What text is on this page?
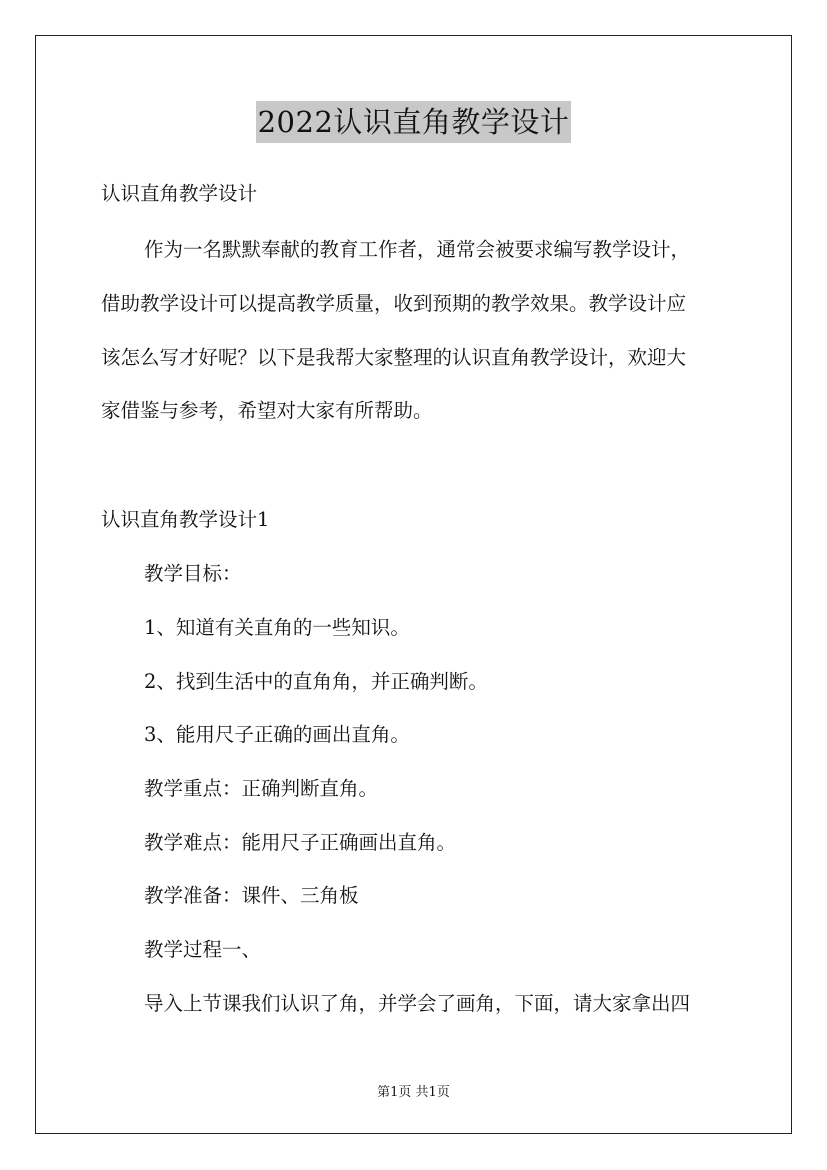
2022认识直角教学设计
认识直角教学设计
作为一名默默奉献的教育工作者，通常会被要求编写教学设计，
借助教学设计可以提高教学质量，收到预期的教学效果。教学设计应
该怎么写才好呢？以下是我帮大家整理的认识直角教学设计，欢迎大
家借鉴与参考，希望对大家有所帮助。
认识直角教学设计1
教学目标：
1、知道有关直角的一些知识。
2、找到生活中的直角角，并正确判断。
3、能用尺子正确的画出直角。
教学重点：正确判断直角。
教学难点：能用尺子正确画出直角。
教学准备：课件、三角板
教学过程一、
导入上节课我们认识了角，并学会了画角，下面，请大家拿出四
第1页 共1页
